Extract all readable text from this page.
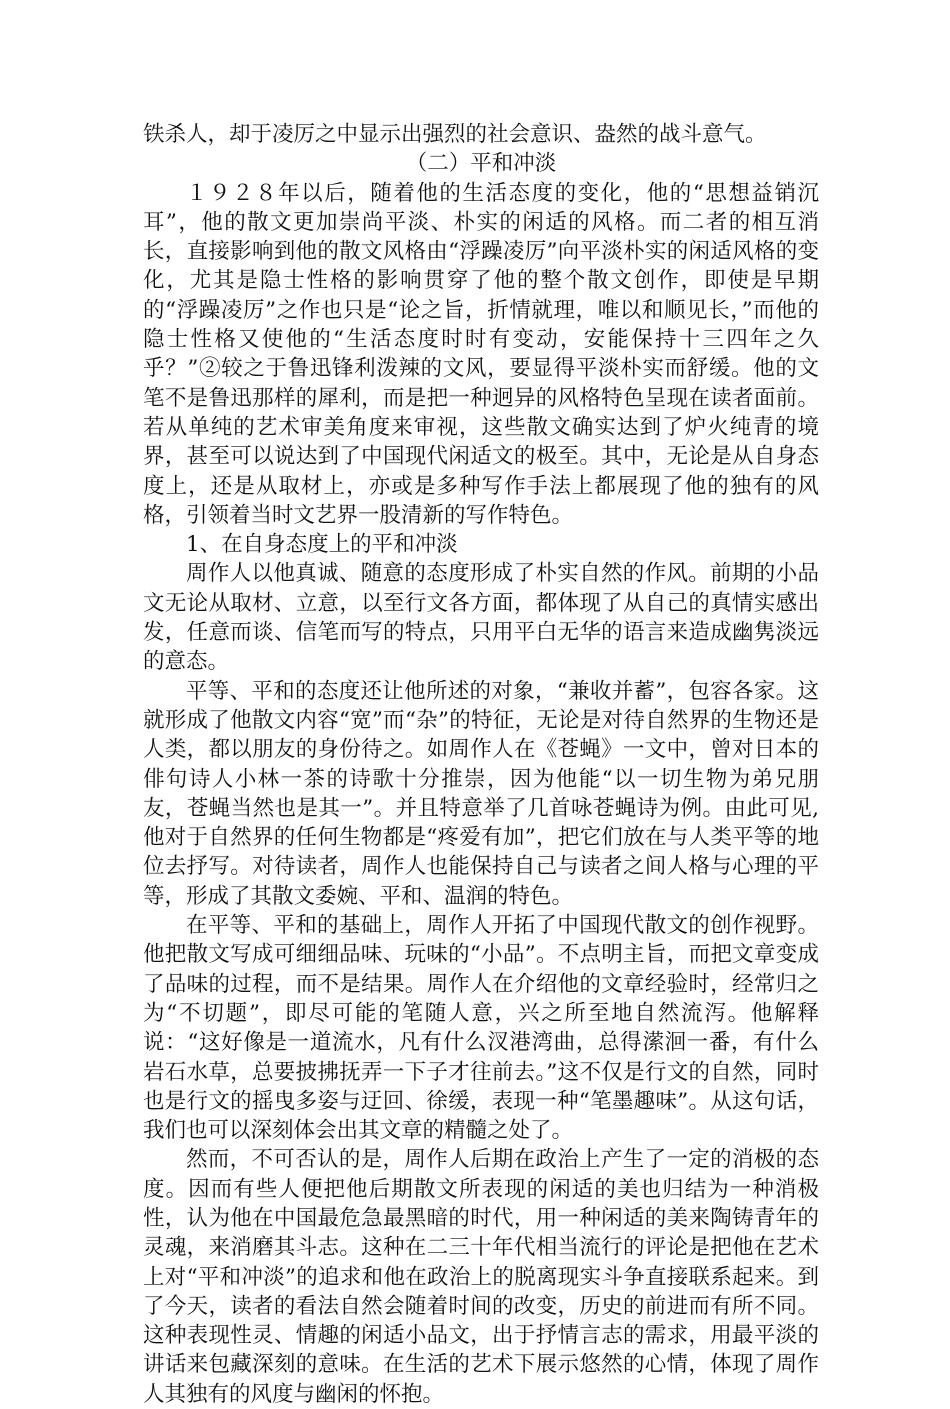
铁杀人，却于凌厉之中显示出强烈的社会意识、盎然的战斗意气。

（二）平和冲淡

１９２８年以后，随着他的生活态度的变化，他的“思想益销沉耳”，他的散文更加崇尚平淡、朴实的闲适的风格。而二者的相互消长，直接影响到他的散文风格由“浮躁凌厉”向平淡朴实的闲适风格的变化，尤其是隐士性格的影响贯穿了他的整个散文创作，即使是早期的“浮躁凌厉”之作也只是“论之旨，折情就理，唯以和顺见长，”而他的隐士性格又使他的“生活态度时时有变动，安能保持十三四年之久乎？”②较之于鲁迅锋利泼辣的文风，要显得平淡朴实而舒缓。他的文笔不是鲁迅那样的犀利，而是把一种迥异的风格特色呈现在读者面前。若从单纯的艺术审美角度来审视，这些散文确实达到了炉火纯青的境界，甚至可以说达到了中国现代闲适文的极至。其中，无论是从自身态度上，还是从取材上，亦或是多种写作手法上都展现了他的独有的风格，引领着当时文艺界一股清新的写作特色。

1、在自身态度上的平和冲淡

周作人以他真诚、随意的态度形成了朴实自然的作风。前期的小品文无论从取材、立意，以至行文各方面，都体现了从自己的真情实感出发，任意而谈、信笔而写的特点，只用平白无华的语言来造成幽隽淡远的意态。

平等、平和的态度还让他所述的对象，“兼收并蓄”，包容各家。这就形成了他散文内容“宽”而“杂”的特征，无论是对待自然界的生物还是人类，都以朋友的身份待之。如周作人在《苍蝇》一文中，曾对日本的俳句诗人小林一茶的诗歌十分推崇，因为他能“以一切生物为弟兄朋友，苍蝇当然也是其一”。并且特意举了几首咏苍蝇诗为例。由此可见,他对于自然界的任何生物都是“疼爱有加”，把它们放在与人类平等的地位去抒写。对待读者，周作人也能保持自己与读者之间人格与心理的平等，形成了其散文委婉、平和、温润的特色。

在平等、平和的基础上，周作人开拓了中国现代散文的创作视野。他把散文写成可细细品味、玩味的“小品”。不点明主旨，而把文章变成了品味的过程，而不是结果。周作人在介绍他的文章经验时，经常归之为“不切题”，即尽可能的笔随人意，兴之所至地自然流泻。他解释说：“这好像是一道流水，凡有什么汊港湾曲，总得潆洄一番，有什么岩石水草，总要披拂抚弄一下子才往前去。”这不仅是行文的自然，同时也是行文的摇曳多姿与迂回、徐缓，表现一种“笔墨趣味”。从这句话，我们也可以深刻体会出其文章的精髓之处了。

然而，不可否认的是，周作人后期在政治上产生了一定的消极的态度。因而有些人便把他后期散文所表现的闲适的美也归结为一种消极性，认为他在中国最危急最黑暗的时代，用一种闲适的美来陶铸青年的灵魂，来消磨其斗志。这种在二三十年代相当流行的评论是把他在艺术上对“平和冲淡”的追求和他在政治上的脱离现实斗争直接联系起来。到了今天，读者的看法自然会随着时间的改变，历史的前进而有所不同。这种表现性灵、情趣的闲适小品文，出于抒情言志的需求，用最平淡的讲话来包藏深刻的意味。在生活的艺术下展示悠然的心情，体现了周作人其独有的风度与幽闲的怀抱。
